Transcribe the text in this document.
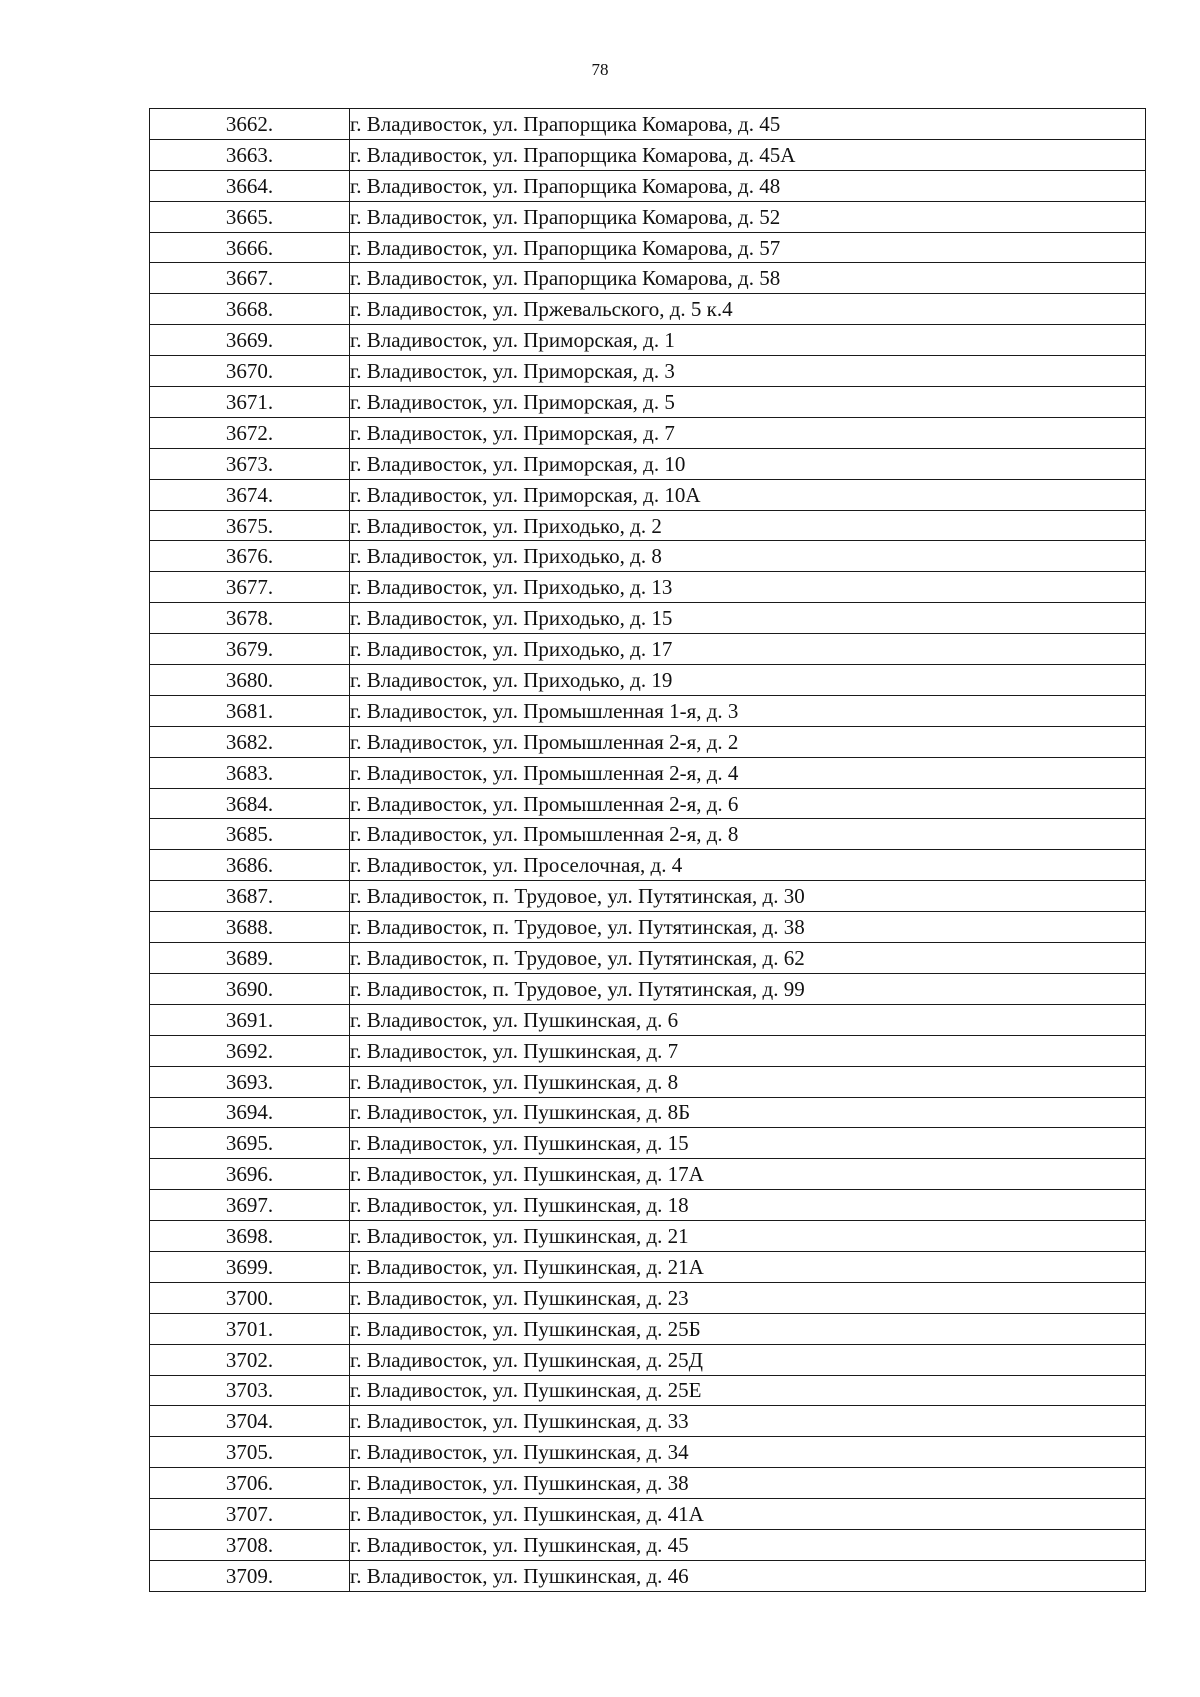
78
3662.	г. Владивосток, ул. Прапорщика Комарова, д. 45
3663.	г. Владивосток, ул. Прапорщика Комарова, д. 45А
3664.	г. Владивосток, ул. Прапорщика Комарова, д. 48
3665.	г. Владивосток, ул. Прапорщика Комарова, д. 52
3666.	г. Владивосток, ул. Прапорщика Комарова, д. 57
3667.	г. Владивосток, ул. Прапорщика Комарова, д. 58
3668.	г. Владивосток, ул. Пржевальского, д. 5 к.4
3669.	г. Владивосток, ул. Приморская, д. 1
3670.	г. Владивосток, ул. Приморская, д. 3
3671.	г. Владивосток, ул. Приморская, д. 5
3672.	г. Владивосток, ул. Приморская, д. 7
3673.	г. Владивосток, ул. Приморская, д. 10
3674.	г. Владивосток, ул. Приморская, д. 10А
3675.	г. Владивосток, ул. Приходько, д. 2
3676.	г. Владивосток, ул. Приходько, д. 8
3677.	г. Владивосток, ул. Приходько, д. 13
3678.	г. Владивосток, ул. Приходько, д. 15
3679.	г. Владивосток, ул. Приходько, д. 17
3680.	г. Владивосток, ул. Приходько, д. 19
3681.	г. Владивосток, ул. Промышленная 1-я, д. 3
3682.	г. Владивосток, ул. Промышленная 2-я, д. 2
3683.	г. Владивосток, ул. Промышленная 2-я, д. 4
3684.	г. Владивосток, ул. Промышленная 2-я, д. 6
3685.	г. Владивосток, ул. Промышленная 2-я, д. 8
3686.	г. Владивосток, ул. Проселочная, д. 4
3687.	г. Владивосток, п. Трудовое, ул. Путятинская, д. 30
3688.	г. Владивосток, п. Трудовое, ул. Путятинская, д. 38
3689.	г. Владивосток, п. Трудовое, ул. Путятинская, д. 62
3690.	г. Владивосток, п. Трудовое, ул. Путятинская, д. 99
3691.	г. Владивосток, ул. Пушкинская, д. 6
3692.	г. Владивосток, ул. Пушкинская, д. 7
3693.	г. Владивосток, ул. Пушкинская, д. 8
3694.	г. Владивосток, ул. Пушкинская, д. 8Б
3695.	г. Владивосток, ул. Пушкинская, д. 15
3696.	г. Владивосток, ул. Пушкинская, д. 17А
3697.	г. Владивосток, ул. Пушкинская, д. 18
3698.	г. Владивосток, ул. Пушкинская, д. 21
3699.	г. Владивосток, ул. Пушкинская, д. 21А
3700.	г. Владивосток, ул. Пушкинская, д. 23
3701.	г. Владивосток, ул. Пушкинская, д. 25Б
3702.	г. Владивосток, ул. Пушкинская, д. 25Д
3703.	г. Владивосток, ул. Пушкинская, д. 25Е
3704.	г. Владивосток, ул. Пушкинская, д. 33
3705.	г. Владивосток, ул. Пушкинская, д. 34
3706.	г. Владивосток, ул. Пушкинская, д. 38
3707.	г. Владивосток, ул. Пушкинская, д. 41А
3708.	г. Владивосток, ул. Пушкинская, д. 45
3709.	г. Владивосток, ул. Пушкинская, д. 46
